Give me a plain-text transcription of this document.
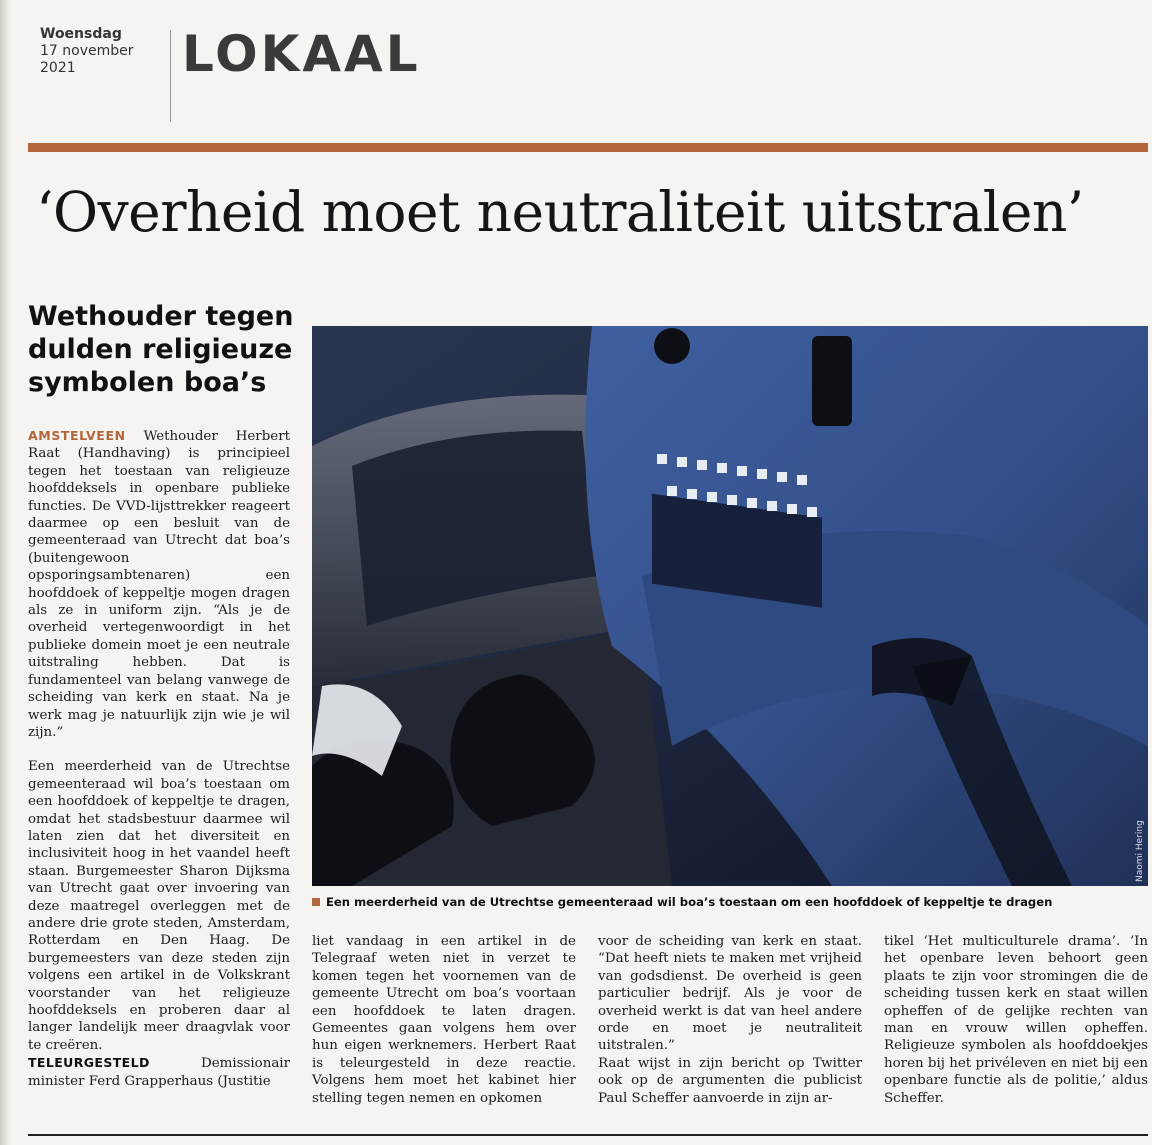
Woensdag
17 november
2021	LOKAAL
‘Overheid moet neutraliteit uitstralen’
Wethouder tegen dulden religieuze symbolen boa’s

AMSTELVEEN Wethouder Herbert Raat (Handhaving) is principieel tegen het toestaan van religieuze hoofddeksels in openbare publieke functies. De VVD-lijsttrekker reageert daarmee op een besluit van de gemeenteraad van Utrecht dat boa’s (buitengewoon opsporingsambtenaren) een hoofddoek of keppeltje mogen dragen als ze in uniform zijn. “Als je de overheid vertegenwoordigt in het publieke domein moet je een neutrale uitstraling hebben. Dat is fundamenteel van belang vanwege de scheiding van kerk en staat. Na je werk mag je natuurlijk zijn wie je wil zijn.”

Een meerderheid van de Utrechtse gemeenteraad wil boa’s toestaan om een hoofddoek of keppeltje te dragen, omdat het stadsbestuur daarmee wil laten zien dat het diversiteit en inclusiviteit hoog in het vaandel heeft staan. Burgemeester Sharon Dijksma van Utrecht gaat over invoering van deze maatregel overleggen met de andere drie grote steden, Amsterdam, Rotterdam en Den Haag. De burgemeesters van deze steden zijn volgens een artikel in de Volkskrant voorstander van het religieuze hoofddeksels en proberen daar al langer landelijk meer draagvlak voor te creëren.

TELEURGESTELD	Demissionair minister Ferd Grapperhaus (Justitie

Naomi Hering
Een meerderheid van de Utrechtse gemeenteraad wil boa’s toestaan om een hoofddoek of keppeltje te dragen

liet vandaag in een artikel in de Telegraaf weten niet in verzet te komen tegen het voornemen van de gemeente Utrecht om boa’s voortaan een hoofddoek te laten dragen. Gemeentes gaan volgens hem over hun eigen werknemers. Herbert Raat is teleurgesteld in deze reactie. Volgens hem moet het kabinet hier stelling tegen nemen en opkomen

voor de scheiding van kerk en staat. “Dat heeft niets te maken met vrijheid van godsdienst. De overheid is geen particulier bedrijf. Als je voor de overheid werkt is dat van heel andere orde en moet je neutraliteit uitstralen.”

Raat wijst in zijn bericht op Twitter ook op de argumenten die publicist Paul Scheffer aanvoerde in zijn ar-

tikel ‘Het multiculturele drama’. ‘In het openbare leven behoort geen plaats te zijn voor stromingen die de scheiding tussen kerk en staat willen opheffen of de gelijke rechten van man en vrouw willen opheffen. Religieuze symbolen als hoofddoekjes horen bij het privéleven en niet bij een openbare functie als de politie,’ aldus Scheffer.
